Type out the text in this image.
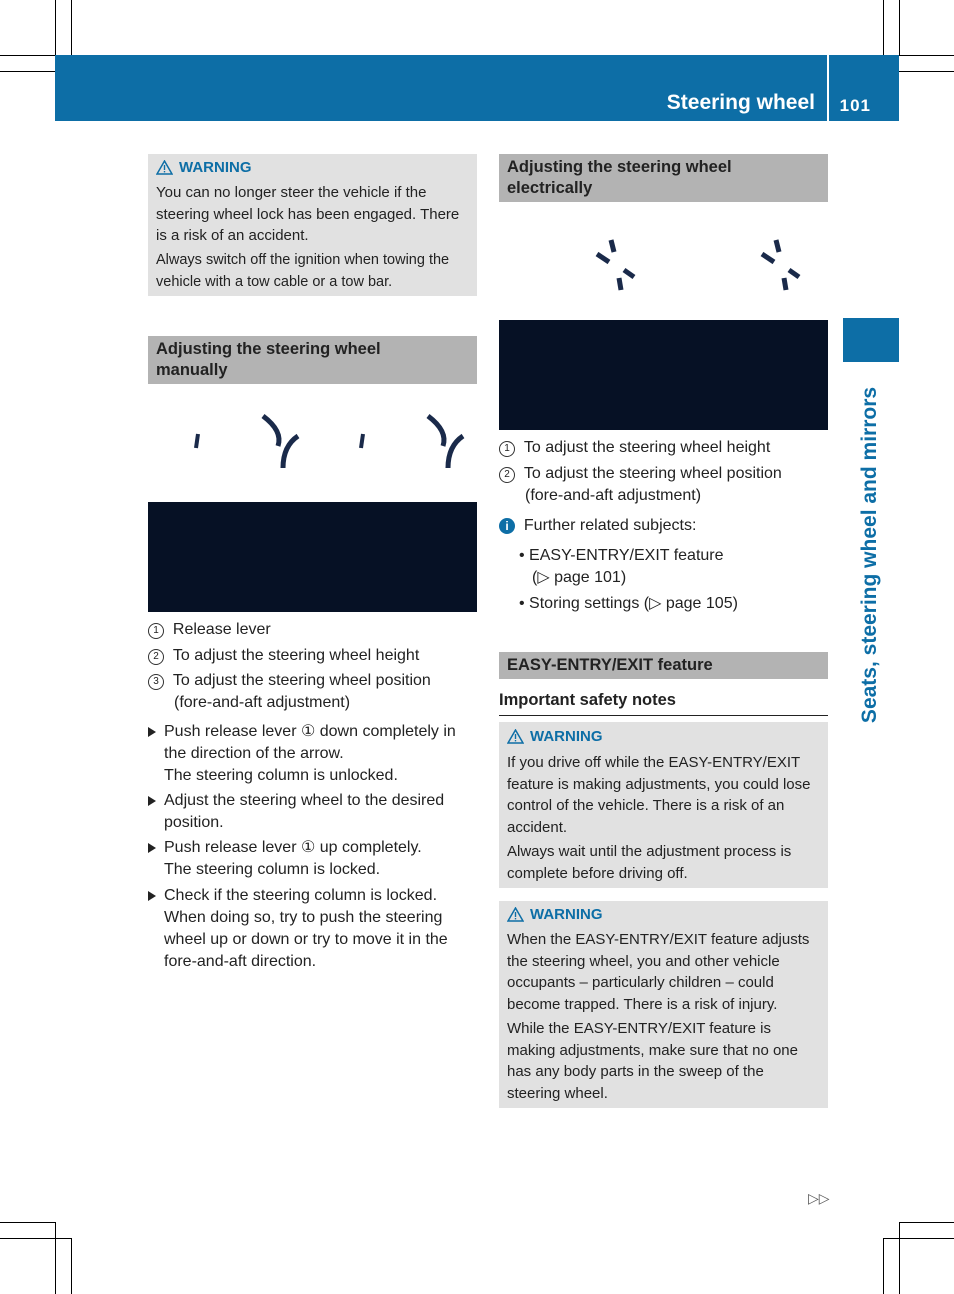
Steering wheel 101
Seats, steering wheel and mirrors
WARNING
You can no longer steer the vehicle if the
steering wheel lock has been engaged. There
is a risk of an accident.
Always switch off the ignition when towing the
vehicle with a tow cable or a tow bar.
Adjusting the steering wheel
manually
1 Release lever
2 To adjust the steering wheel height
3 To adjust the steering wheel position
(fore-and-aft adjustment)
Push release lever ① down completely in
the direction of the arrow.
The steering column is unlocked.
Adjust the steering wheel to the desired
position.
Push release lever ① up completely.
The steering column is locked.
Check if the steering column is locked.
When doing so, try to push the steering
wheel up or down or try to move it in the
fore-and-aft direction.
Adjusting the steering wheel
electrically
1 To adjust the steering wheel height
2 To adjust the steering wheel position
(fore-and-aft adjustment)
i Further related subjects:
• EASY-ENTRY/EXIT feature
(▷ page 101)
• Storing settings (▷ page 105)
EASY-ENTRY/EXIT feature
Important safety notes
WARNING
If you drive off while the EASY-ENTRY/EXIT
feature is making adjustments, you could lose
control of the vehicle. There is a risk of an
accident.
Always wait until the adjustment process is
complete before driving off.
WARNING
When the EASY-ENTRY/EXIT feature adjusts
the steering wheel, you and other vehicle
occupants – particularly children – could
become trapped. There is a risk of injury.
While the EASY-ENTRY/EXIT feature is
making adjustments, make sure that no one
has any body parts in the sweep of the
steering wheel.
▷▷
